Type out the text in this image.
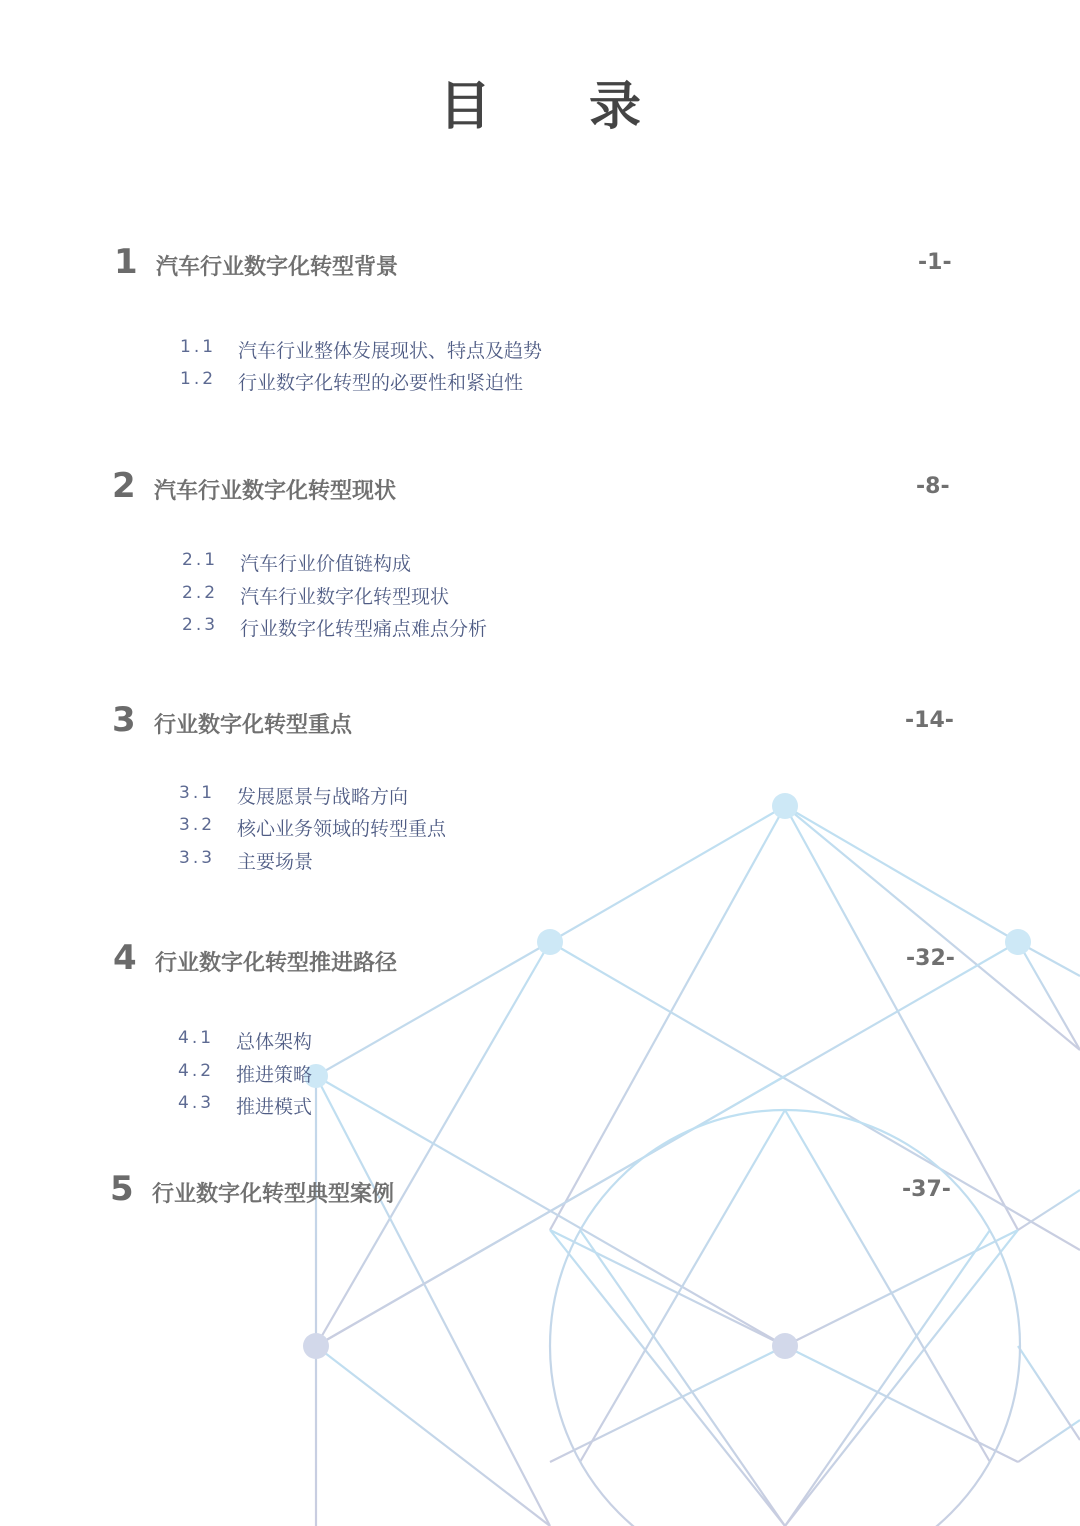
目 录
1 汽车行业数字化转型背景	-1-
1.1 汽车行业整体发展现状、特点及趋势
1.2 行业数字化转型的必要性和紧迫性
2 汽车行业数字化转型现状	-8-
2.1 汽车行业价值链构成
2.2 汽车行业数字化转型现状
2.3 行业数字化转型痛点难点分析
3 行业数字化转型重点	-14-
3.1 发展愿景与战略方向
3.2 核心业务领域的转型重点
3.3 主要场景
4 行业数字化转型推进路径	-32-
4.1 总体架构
4.2 推进策略
4.3 推进模式
5 行业数字化转型典型案例	-37-
